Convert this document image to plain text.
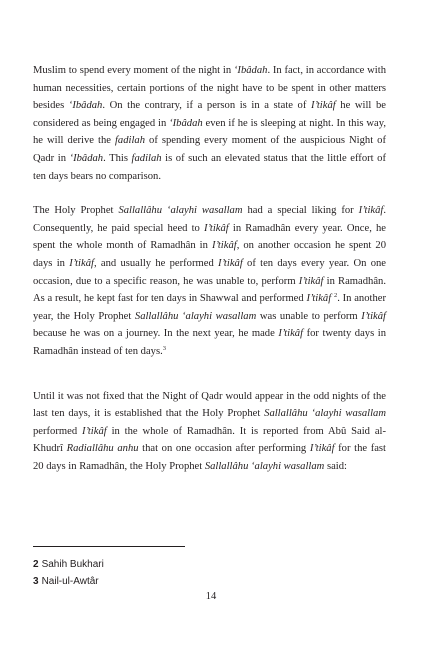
Muslim to spend every moment of the night in ‘Ibâdah. In fact, in accordance with human necessities, certain portions of the night have to be spent in other matters besides ‘Ibâdah. On the contrary, if a person is in a state of I’tikâf he will be considered as being engaged in ‘Ibâdah even if he is sleeping at night. In this way, he will derive the fadilah of spending every moment of the auspicious Night of Qadr in ‘Ibâdah. This fadilah is of such an elevated status that the little effort of ten days bears no comparison.

The Holy Prophet Sallallâhu ‘alayhi wasallam had a special liking for I’tikâf. Consequently, he paid special heed to I’tikâf in Ramadhân every year. Once, he spent the whole month of Ramadhân in I’tikâf, on another occasion he spent 20 days in I’tikâf, and usually he performed I’tikâf of ten days every year. On one occasion, due to a specific reason, he was unable to, perform I’tikâf in Ramadhân. As a result, he kept fast for ten days in Shawwal and performed I’tikâf $^2$. In another year, the Holy Prophet Sallallâhu ‘alayhi wasallam was unable to perform I’tikâf because he was on a journey. In the next year, he made I’tikâf for twenty days in Ramadhân instead of ten days.$^3$

Until it was not fixed that the Night of Qadr would appear in the odd nights of the last ten days, it is established that the Holy Prophet Sallallâhu ‘alayhi wasallam performed I’tikâf in the whole of Ramadhân. It is reported from Abû Said al-Khudrî Radiallâhu anhu that on one occasion after performing I’tikâf for the fast 20 days in Ramadhân, the Holy Prophet Sallallâhu ‘alayhi wasallam said:

2 Sahih Bukhari
3 Nail-ul-Awtâr
14
